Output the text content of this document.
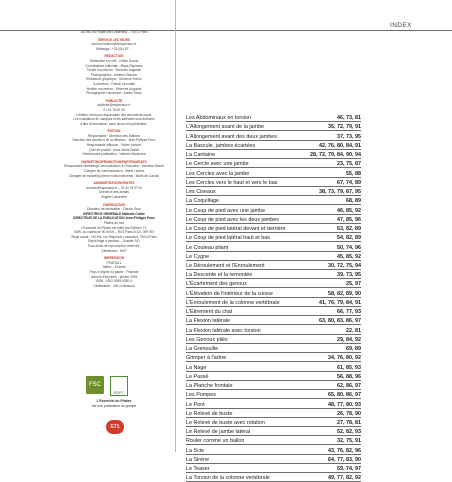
INDEX
160 bis, rue Raymond Losserand – 75014 Paris
SERVICE LECTEURS
service.lecteurs@lesspeciaux.fr
Wattsapp : +33 (0)4 67 ...
RÉDACTION
Rédactrice en chef : Céline Dubuy
Coordinatrice éditoriale : Maya Papineau
Textes et postures : Séverine Augustin
Photographies : Aurélien Sarcine
Rédactrice graphique : Séverine Drivon
Couverture : Franck Lecordier
Modèle couverture : Séverine Augustin
Photographie couverture : Adobe Stock
PUBLICITÉ
publicite@lespeciaux.fr
01 44 78 92 00
L'éditeur n'est pas responsable des documents reçus.
Les indications de marques et les adresses sont données
à titre d'information, sans aucun but publicitaire.
ÉDITION
Responsable : Direction des Éditions
Direction des achats et de la diffusion : Jean-Philippe Poux
Responsable diffusion : Xavier Lanson
Chef de produit : Anne-Marie Baillot
Gestionnaire publication : Valentin Marchand
MARKETING/PROMOTION/PARTENARIATS
Responsable Marketing/Communication & Promotion : Vanessa Brunel
Chargée de communication : Marie Leclerc
Chargée de marketing direct et abonnements : Marie de Candol
ADMINISTRATION/VENTES
contact@lespeciaux.fr – 01 44 78 97 00
Directrice des achats
Virginie Labordère
FABRICATION
Directeur de fabrication : Claude Orou
DIRECTRICE GÉNÉRALE Nathalie Cottre
DIRECTEUR DE LA PUBLICATION Jean-Philippe Poux
Pilates au mur
L'Essentiel du Pilates est édité par Éditions 71,
SARL au capital de 50 000 € – RCS Paris B 421 399 957
Siège social : 160 bis, rue Raymond Losserand, 75014 Paris
Dépôt légal à parution – Dossier S/O
Tous droits de reproduction réservés.
Distribution : MLP
IMPRESSION
PRINTALL
Tallinn – Estonie
Pays d'origine du papier : Finlande
Achevé d'imprimer : janvier 2025
ISSN : 1952-0959-9350-X
Certification : Voir ci-dessous
FSC
PEFC
L'Essentiel du Pilates
est une publication du groupe
E71
Les Abdominaux en torsion	46, 73, 81
L'Allongement avant de la jambe	35, 72, 79, 91
L'Allongement avant des deux jambes	37, 73, 95
La Bascule, jambes écartées	42, 76, 80, 84, 91
La Cantaine	28, 72, 79, 84, 90, 94
Le Cercle avec une jambe	23, 75, 87
Les Cercles avec la jambe	55, 88
Les Cercles vers le haut et vers le bas	67, 74, 89
Les Ciseaux	38, 73, 79, 87, 95
La Coquillage	68, 89
Le Coup de pied avec une jambe	46, 85, 92
Le Coup de pied avec les deux jambes	47, 85, 96
Le Coup de pied latéral devant et derrière	53, 82, 89
Le Coup de pied latéral haut et bas	54, 82, 89
Le Couteau pliant	50, 74, 96
Le Cygne	45, 85, 92
Le Déroulement et l'Enroulement	30, 72, 75, 94
La Descente et la remontée	39, 73, 95
L'Écartement des genoux	25, 97
L'Élévation de l'intérieur de la cuisse	58, 82, 89, 90
L'Enroulement de la colonne vertébrale	41, 76, 79, 84, 91
L'Étirement du chat	66, 77, 93
La Flexion latérale	63, 80, 83, 86, 97
La Flexion latérale avec torsion	22, 81
Les Genoux pliés	29, 84, 92
La Grenouille	69, 89
Grimper à l'arbre	34, 76, 80, 92
La Nage	61, 85, 93
Le Passé	56, 88, 96
La Planche frontale	62, 86, 97
Les Pompes	65, 80, 86, 97
Le Pont	48, 77, 80, 93
Le Relevé de buste	26, 78, 90
Le Relevé de buste avec rotation	27, 78, 81
Le Relevé de jambe latéral	52, 82, 93
Rouler comme un ballon	32, 75, 91
La Scie	43, 76, 82, 96
La Sirène	64, 77, 83, 90
Le Teaser	59, 74, 97
La Torsion de la colonne vertébrale	49, 77, 82, 92
